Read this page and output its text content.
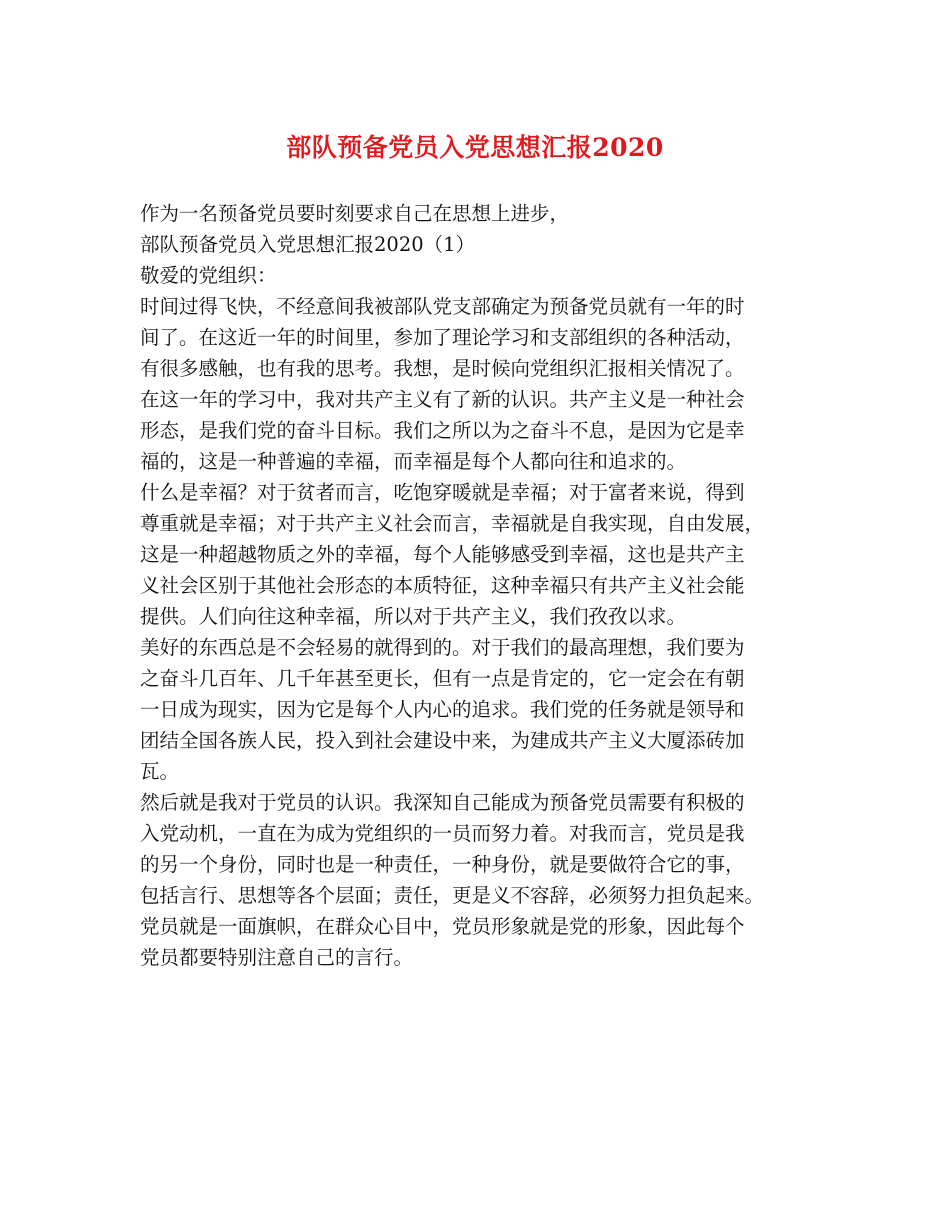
部队预备党员入党思想汇报2020
作为一名预备党员要时刻要求自己在思想上进步，
部队预备党员入党思想汇报2020（1）
敬爱的党组织：
时间过得飞快，不经意间我被部队党支部确定为预备党员就有一年的时
间了。在这近一年的时间里，参加了理论学习和支部组织的各种活动，
有很多感触，也有我的思考。我想，是时候向党组织汇报相关情况了。
在这一年的学习中，我对共产主义有了新的认识。共产主义是一种社会
形态，是我们党的奋斗目标。我们之所以为之奋斗不息，是因为它是幸
福的，这是一种普遍的幸福，而幸福是每个人都向往和追求的。
什么是幸福？对于贫者而言，吃饱穿暖就是幸福；对于富者来说，得到
尊重就是幸福；对于共产主义社会而言，幸福就是自我实现，自由发展，
这是一种超越物质之外的幸福，每个人能够感受到幸福，这也是共产主
义社会区别于其他社会形态的本质特征，这种幸福只有共产主义社会能
提供。人们向往这种幸福，所以对于共产主义，我们孜孜以求。
美好的东西总是不会轻易的就得到的。对于我们的最高理想，我们要为
之奋斗几百年、几千年甚至更长，但有一点是肯定的，它一定会在有朝
一日成为现实，因为它是每个人内心的追求。我们党的任务就是领导和
团结全国各族人民，投入到社会建设中来，为建成共产主义大厦添砖加
瓦。
然后就是我对于党员的认识。我深知自己能成为预备党员需要有积极的
入党动机，一直在为成为党组织的一员而努力着。对我而言，党员是我
的另一个身份，同时也是一种责任，一种身份，就是要做符合它的事，
包括言行、思想等各个层面；责任，更是义不容辞，必须努力担负起来。
党员就是一面旗帜，在群众心目中，党员形象就是党的形象，因此每个
党员都要特别注意自己的言行。
